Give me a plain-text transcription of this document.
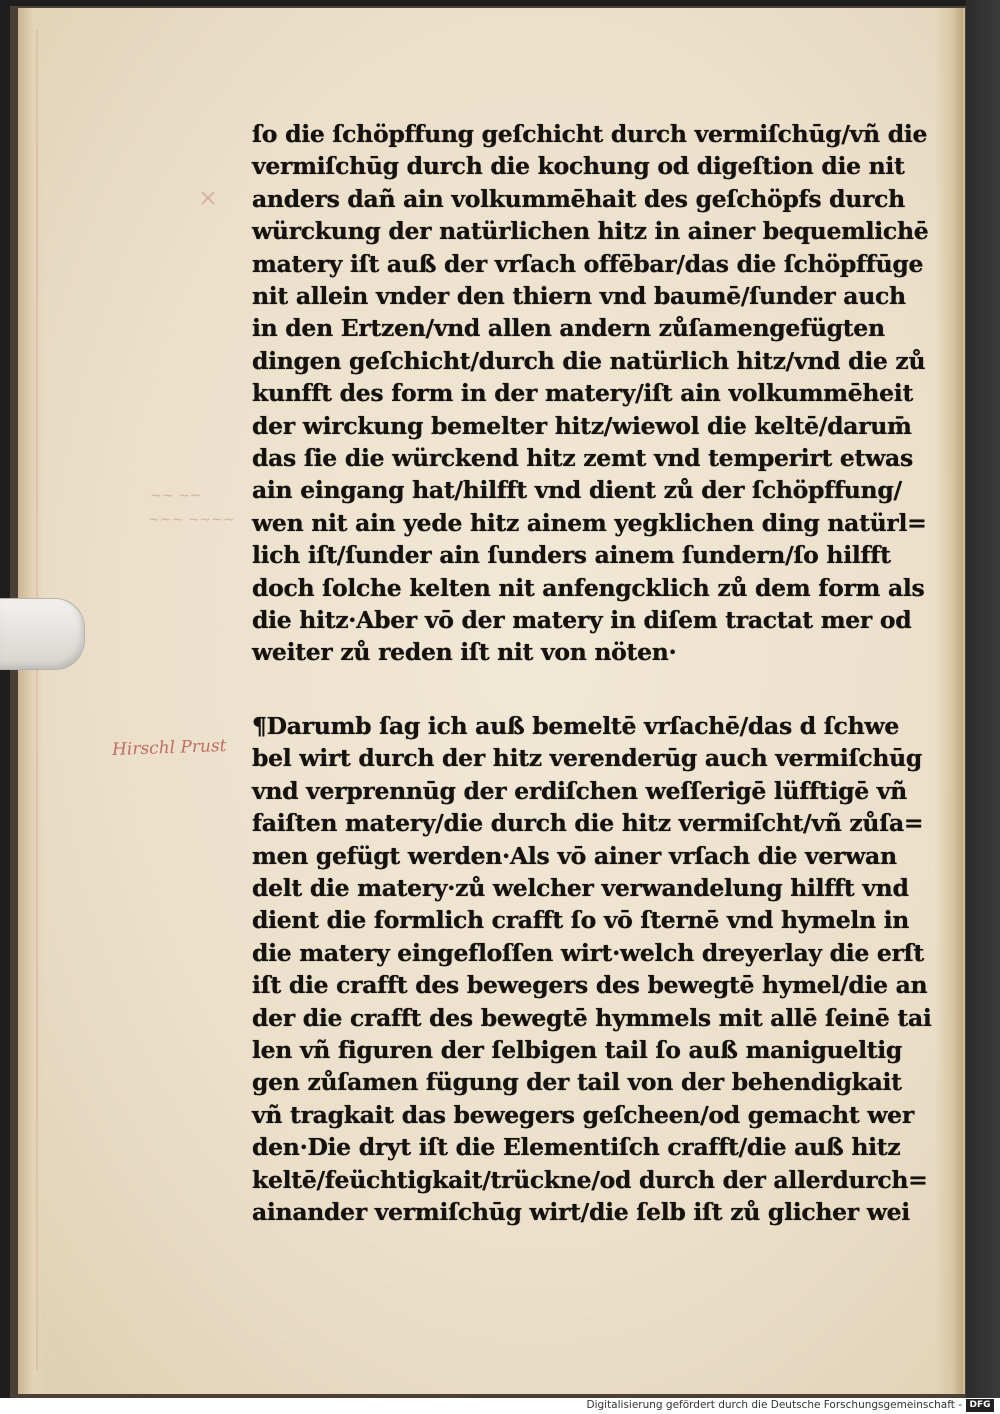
~~ ~~
~~~ ~~~~
Hirschl Prust
ſo die ſchöpffung geſchicht durch vermiſchūg/vñ die
vermiſchūg durch die kochung od digeſtion die nit
anders dañ ain volkummēhait des geſchöpfs durch
würckung der natürlichen hitz in ainer bequemlichē
matery iſt auß der vrſach offēbar/das die ſchöpffūge
nit allein vnder den thiern vnd baumē/ſunder auch
in den Ertzen/vnd allen andern zůſamengefügten
dingen geſchicht/durch die natürlich hitz/vnd die zů
kunfft des form in der matery/iſt ain volkummēheit
der wirckung bemelter hitz/wiewol die keltē/darum̄
das ſie die würckend hitz zemt vnd temperirt etwas
ain eingang hat/hilfft vnd dient zů der ſchöpffung/
wen nit ain yede hitz ainem yegklichen ding natürl=
lich iſt/ſunder ain ſunders ainem ſundern/ſo hilfft
doch ſolche kelten nit anfengcklich zů dem form als
die hitz·Aber vō der matery in diſem tractat mer od
weiter zů reden iſt nit von nöten·
¶Darumb ſag ich auß bemeltē vrſachē/das d ſchwe
bel wirt durch der hitz verenderūg auch vermiſchūg
vnd verprennūg der erdiſchen weſſerigē lüfftigē vñ
faiſten matery/die durch die hitz vermiſcht/vñ zůſa=
men gefügt werden·Als vō ainer vrſach die verwan
delt die matery·zů welcher verwandelung hilfft vnd
dient die formlich crafft ſo vō ſternē vnd hymeln in
die matery eingefloſſen wirt·welch dreyerlay die erſt
iſt die crafft des bewegers des bewegtē hymel/die an
der die crafft des bewegtē hymmels mit allē ſeinē tai
len vñ figuren der ſelbigen tail ſo auß manigueltig
gen zůſamen fügung der tail von der behendigkait
vñ tragkait das bewegers geſcheen/od gemacht wer
den·Die dryt iſt die Elementiſch crafft/die auß hitz
keltē/feüchtigkait/trückne/od durch der allerdurch=
ainander vermiſchūg wirt/die ſelb iſt zů glicher wei
Digitalisierung gefördert durch die Deutsche Forschungsgemeinschaft - DFG
